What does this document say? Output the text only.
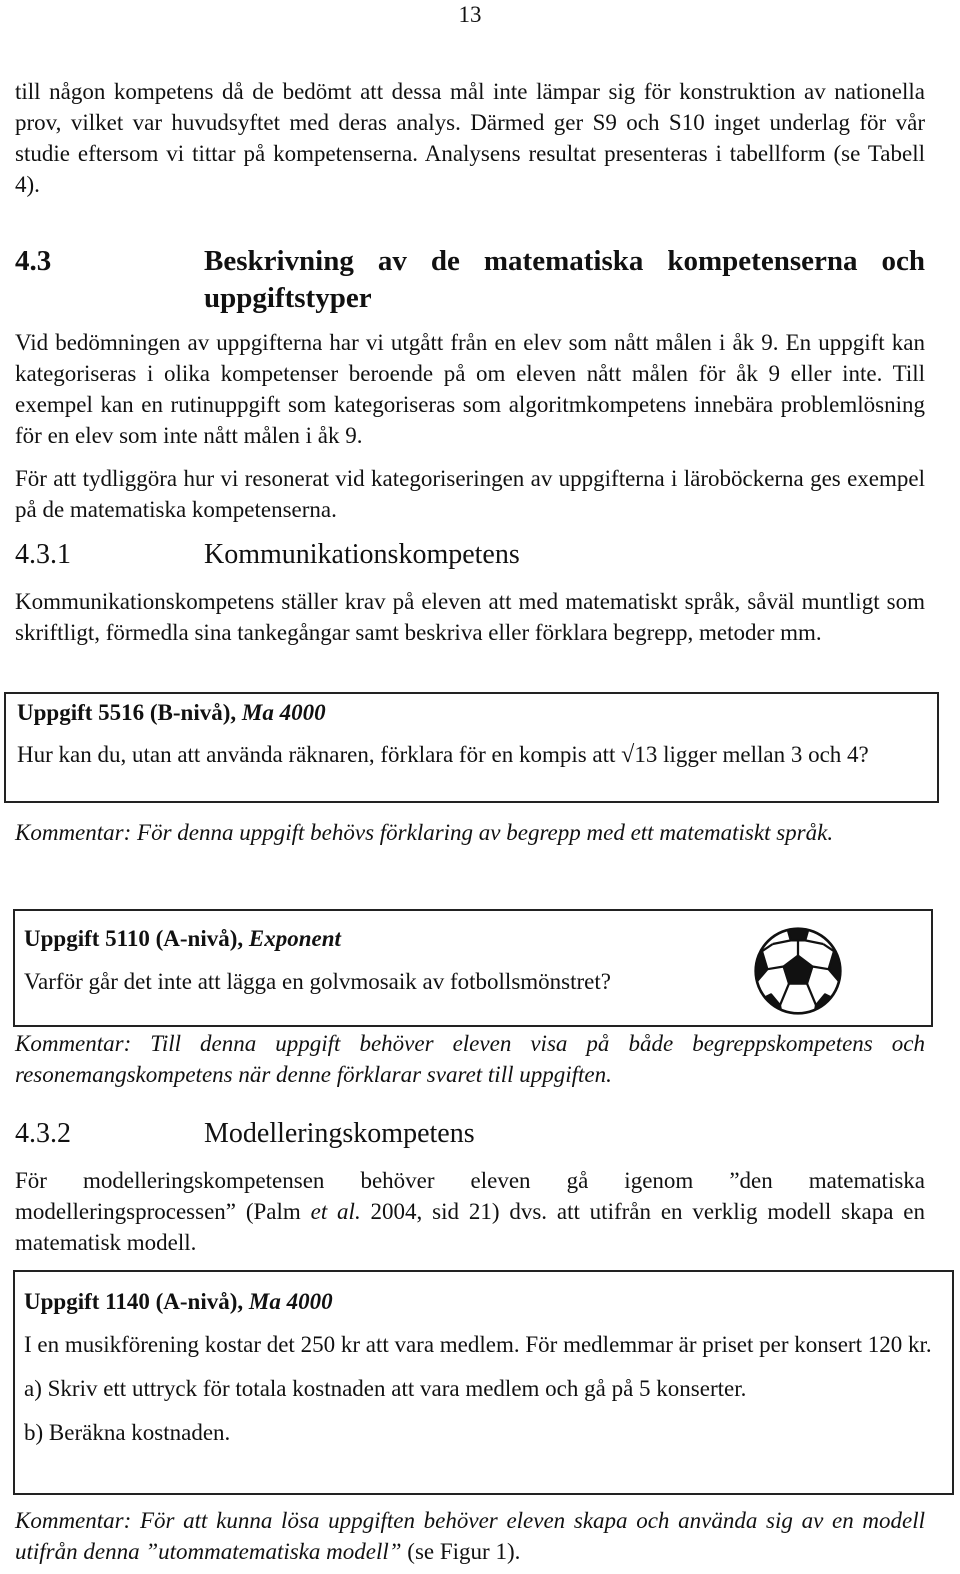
13

till någon kompetens då de bedömt att dessa mål inte lämpar sig för konstruktion av nationella prov, vilket var huvudsyftet med deras analys. Därmed ger S9 och S10 inget underlag för vår studie eftersom vi tittar på kompetenserna. Analysens resultat presenteras i tabellform (se Tabell 4).

4.3	Beskrivning av de matematiska kompetenserna och uppgiftstyper

Vid bedömningen av uppgifterna har vi utgått från en elev som nått målen i åk 9. En uppgift kan kategoriseras i olika kompetenser beroende på om eleven nått målen för åk 9 eller inte. Till exempel kan en rutinuppgift som kategoriseras som algoritmkompetens innebära problemlösning för en elev som inte nått målen i åk 9.

För att tydliggöra hur vi resonerat vid kategoriseringen av uppgifterna i läroböckerna ges exempel på de matematiska kompetenserna.

4.3.1	Kommunikationskompetens

Kommunikationskompetens ställer krav på eleven att med matematiskt språk, såväl muntligt som skriftligt, förmedla sina tankegångar samt beskriva eller förklara begrepp, metoder mm.

Uppgift 5516 (B-nivå), Ma 4000

Hur kan du, utan att använda räknaren, förklara för en kompis att √13 ligger mellan 3 och 4?

Kommentar: För denna uppgift behövs förklaring av begrepp med ett matematiskt språk.

Uppgift 5110 (A-nivå), Exponent

Varför går det inte att lägga en golvmosaik av fotbollsmönstret?

Kommentar: Till denna uppgift behöver eleven visa på både begreppskompetens och resonemangskompetens när denne förklarar svaret till uppgiften.
4.3.2	Modelleringskompetens

För modelleringskompetensen behöver eleven gå igenom ”den matematiska modelleringsprocessen” (Palm et al. 2004, sid 21) dvs. att utifrån en verklig modell skapa en matematisk modell.

Uppgift 1140 (A-nivå), Ma 4000

I en musikförening kostar det 250 kr att vara medlem. För medlemmar är priset per konsert 120 kr.

a) Skriv ett uttryck för totala kostnaden att vara medlem och gå på 5 konserter.

b) Beräkna kostnaden.

Kommentar: För att kunna lösa uppgiften behöver eleven skapa och använda sig av en modell utifrån denna ”utommatematiska modell” (se Figur 1).
